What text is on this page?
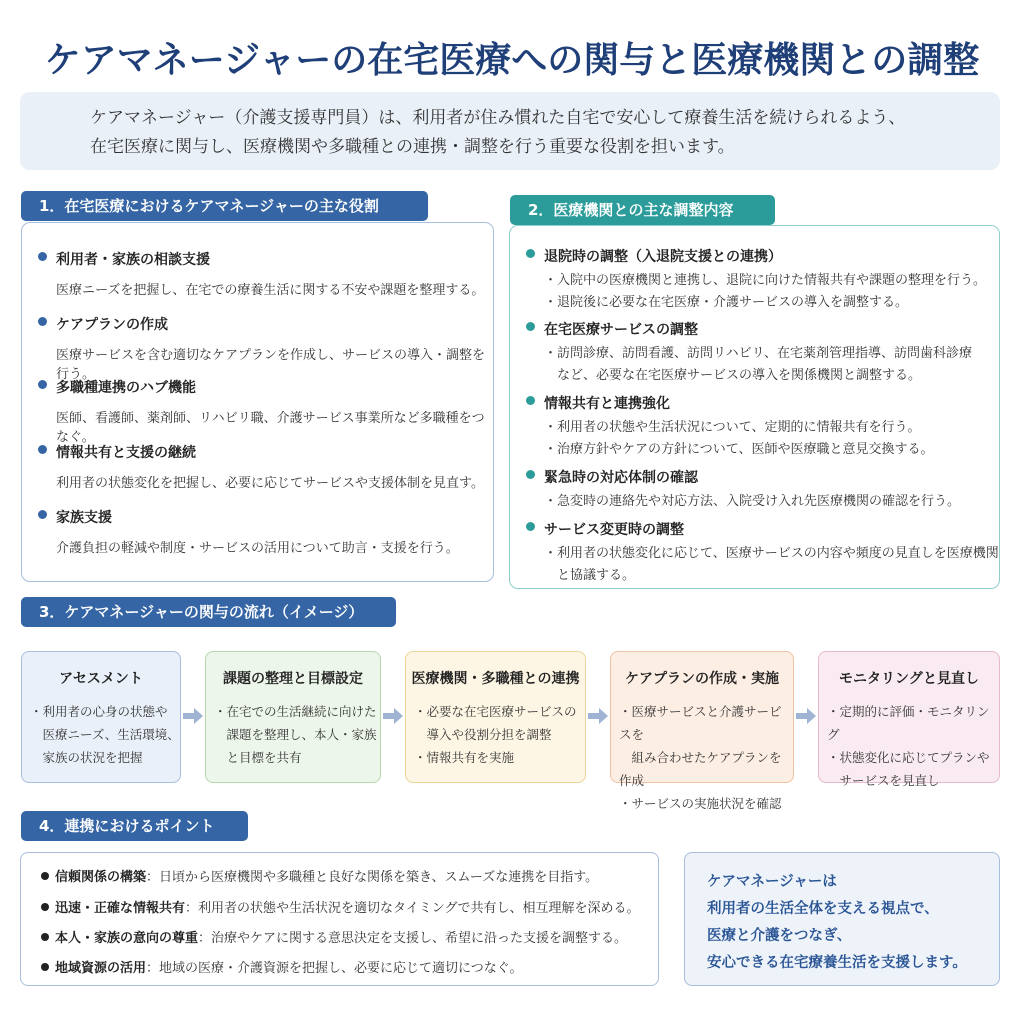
ケアマネージャーの在宅医療への関与と医療機関との調整
ケアマネージャー（介護支援専門員）は、利用者が住み慣れた自宅で安心して療養生活を続けられるよう、
在宅医療に関与し、医療機関や多職種との連携・調整を行う重要な役割を担います。
利用者・家族の相談支援
医療ニーズを把握し、在宅での療養生活に関する不安や課題を整理する。
ケアプランの作成
医療サービスを含む適切なケアプランを作成し、サービスの導入・調整を行う。
多職種連携のハブ機能
医師、看護師、薬剤師、リハビリ職、介護サービス事業所など多職種をつなぐ。
情報共有と支援の継続
利用者の状態変化を把握し、必要に応じてサービスや支援体制を見直す。
家族支援
介護負担の軽減や制度・サービスの活用について助言・支援を行う。
1．在宅医療におけるケアマネージャーの主な役割
退院時の調整（入退院支援との連携）
・入院中の医療機関と連携し、退院に向けた情報共有や課題の整理を行う。
・退院後に必要な在宅医療・介護サービスの導入を調整する。
在宅医療サービスの調整
・訪問診療、訪問看護、訪問リハビリ、在宅薬剤管理指導、訪問歯科診療
　など、必要な在宅医療サービスの導入を関係機関と調整する。
情報共有と連携強化
・利用者の状態や生活状況について、定期的に情報共有を行う。
・治療方針やケアの方針について、医師や医療職と意見交換する。
緊急時の対応体制の確認
・急変時の連絡先や対応方法、入院受け入れ先医療機関の確認を行う。
サービス変更時の調整
・利用者の状態変化に応じて、医療サービスの内容や頻度の見直しを医療機関
　と協議する。
2．医療機関との主な調整内容
3．ケアマネージャーの関与の流れ（イメージ）
アセスメント
・利用者の心身の状態や
　医療ニーズ、生活環境、
　家族の状況を把握
課題の整理と目標設定
・在宅での生活継続に向けた
　課題を整理し、本人・家族
　と目標を共有
医療機関・多職種との連携
・必要な在宅医療サービスの
　導入や役割分担を調整
・情報共有を実施
ケアプランの作成・実施
・医療サービスと介護サービスを
　組み合わせたケアプランを作成
・サービスの実施状況を確認
モニタリングと見直し
・定期的に評価・モニタリング
・状態変化に応じてプランや
　サービスを見直し
4．連携におけるポイント
信頼関係の構築：日頃から医療機関や多職種と良好な関係を築き、スムーズな連携を目指す。
迅速・正確な情報共有：利用者の状態や生活状況を適切なタイミングで共有し、相互理解を深める。
本人・家族の意向の尊重：治療やケアに関する意思決定を支援し、希望に沿った支援を調整する。
地域資源の活用：地域の医療・介護資源を把握し、必要に応じて適切につなぐ。
ケアマネージャーは
利用者の生活全体を支える視点で、
医療と介護をつなぎ、
安心できる在宅療養生活を支援します。
